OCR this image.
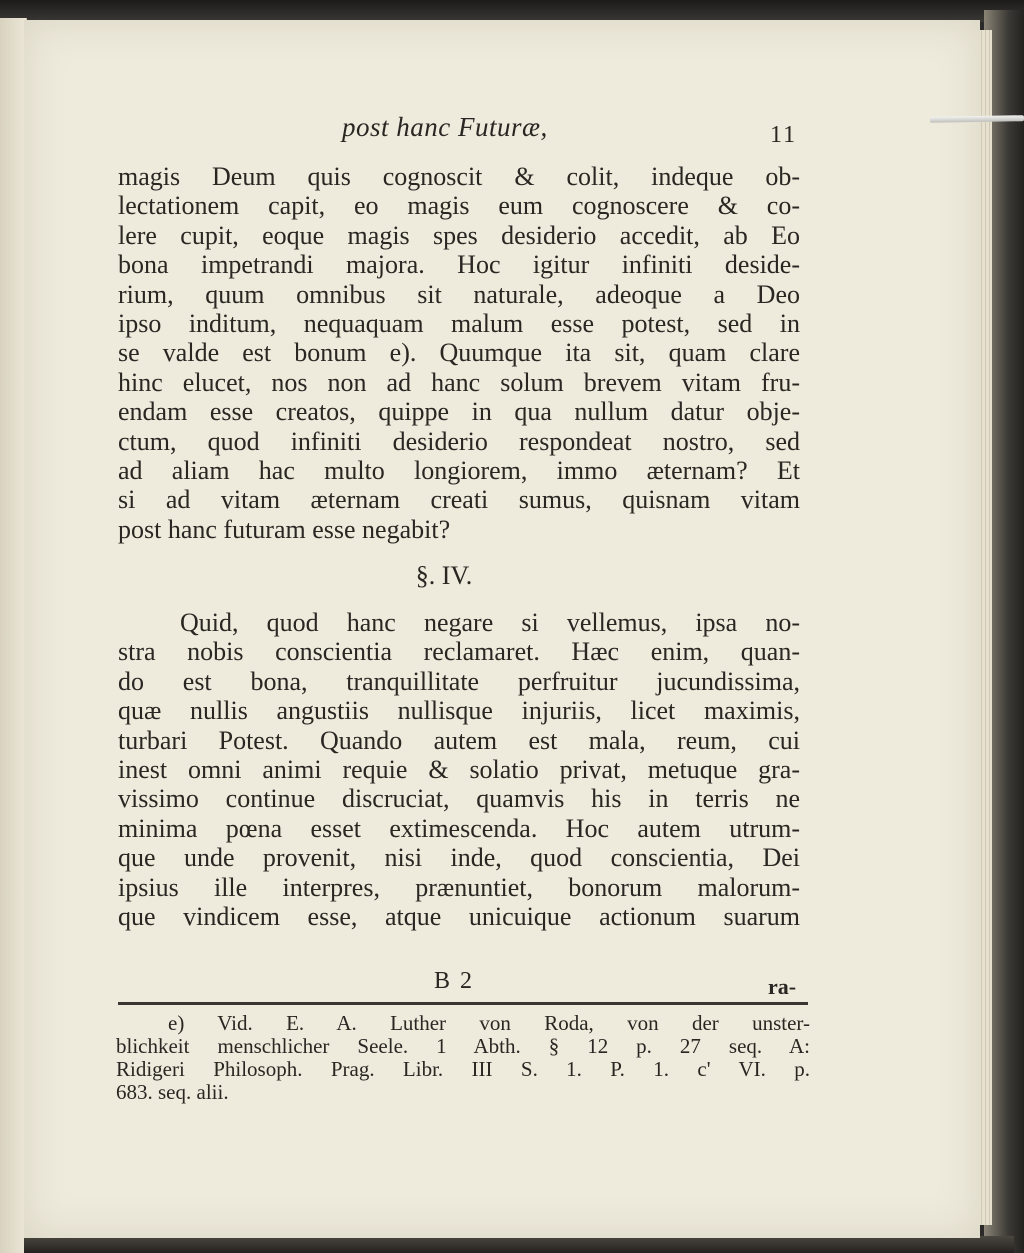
post hanc Futuræ,	11
magis Deum quis cognoscit & colit, indeque ob-
lectationem capit, eo magis eum cognoscere & co-
lere cupit, eoque magis spes desiderio accedit, ab Eo
bona impetrandi majora. Hoc igitur infiniti deside-
rium, quum omnibus sit naturale, adeoque a Deo
ipso inditum, nequaquam malum esse potest, sed in
se valde est bonum e). Quumque ita sit, quam clare
hinc elucet, nos non ad hanc solum brevem vitam fru-
endam esse creatos, quippe in qua nullum datur obje-
ctum, quod infiniti desiderio respondeat nostro, sed
ad aliam hac multo longiorem, immo æternam? Et
si ad vitam æternam creati sumus, quisnam vitam
post hanc futuram esse negabit?
§. IV.
Quid, quod hanc negare si vellemus, ipsa no-
stra nobis conscientia reclamaret. Hæc enim, quan-
do est bona, tranquillitate perfruitur jucundissima,
quæ nullis angustiis nullisque injuriis, licet maximis,
turbari Potest. Quando autem est mala, reum, cui
inest omni animi requie & solatio privat, metuque gra-
vissimo continue discruciat, quamvis his in terris ne
minima pœna esset extimescenda. Hoc autem utrum-
que unde provenit, nisi inde, quod conscientia, Dei
ipsius ille interpres, prænuntiet, bonorum malorum-
que vindicem esse, atque unicuique actionum suarum
B 2	ra-
e) Vid. E. A. Luther von Roda, von der unster-
blichkeit menschlicher Seele. 1 Abth. § 12 p. 27 seq. A:
Ridigeri Philosoph. Prag. Libr. III S. 1. P. 1. c' VI. p.
683. seq. alii.
